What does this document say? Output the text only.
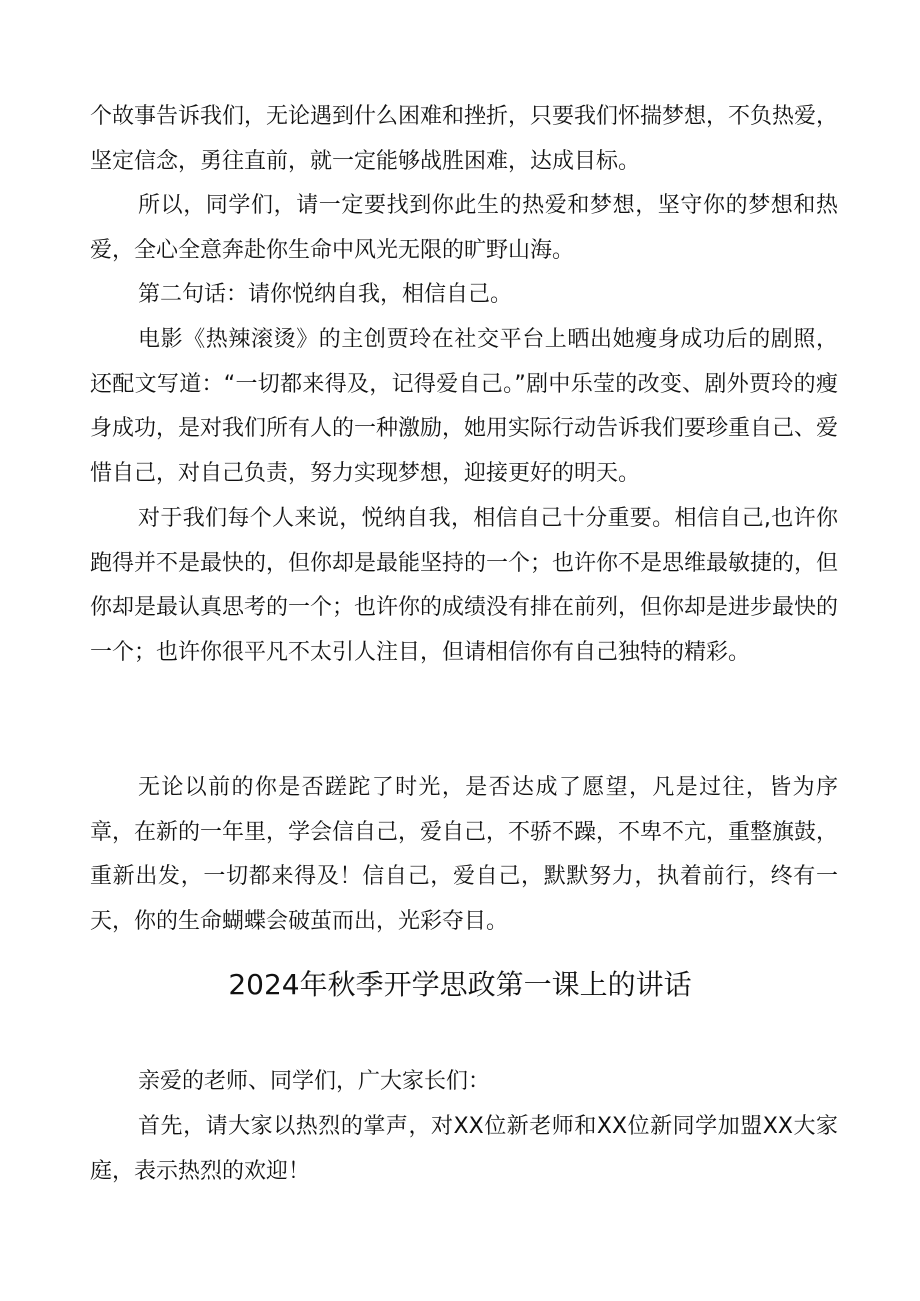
个故事告诉我们，无论遇到什么困难和挫折，只要我们怀揣梦想，不负热爱，坚定信念，勇往直前，就一定能够战胜困难，达成目标。

所以，同学们，请一定要找到你此生的热爱和梦想，坚守你的梦想和热爱，全心全意奔赴你生命中风光无限的旷野山海。

第二句话：请你悦纳自我，相信自己。

电影《热辣滚烫》的主创贾玲在社交平台上晒出她瘦身成功后的剧照，还配文写道：“一切都来得及，记得爱自己。”剧中乐莹的改变、剧外贾玲的瘦身成功，是对我们所有人的一种激励，她用实际行动告诉我们要珍重自己、爱惜自己，对自己负责，努力实现梦想，迎接更好的明天。

对于我们每个人来说，悦纳自我，相信自己十分重要。相信自己,也许你跑得并不是最快的，但你却是最能坚持的一个；也许你不是思维最敏捷的，但你却是最认真思考的一个；也许你的成绩没有排在前列，但你却是进步最快的一个；也许你很平凡不太引人注目，但请相信你有自己独特的精彩。

无论以前的你是否蹉跎了时光，是否达成了愿望，凡是过往，皆为序章，在新的一年里，学会信自己，爱自己，不骄不躁，不卑不亢，重整旗鼓，重新出发，一切都来得及！信自己，爱自己，默默努力，执着前行，终有一天，你的生命蝴蝶会破茧而出，光彩夺目。

2024年秋季开学思政第一课上的讲话

亲爱的老师、同学们，广大家长们：

首先，请大家以热烈的掌声，对XX位新老师和XX位新同学加盟XX大家庭，表示热烈的欢迎！
